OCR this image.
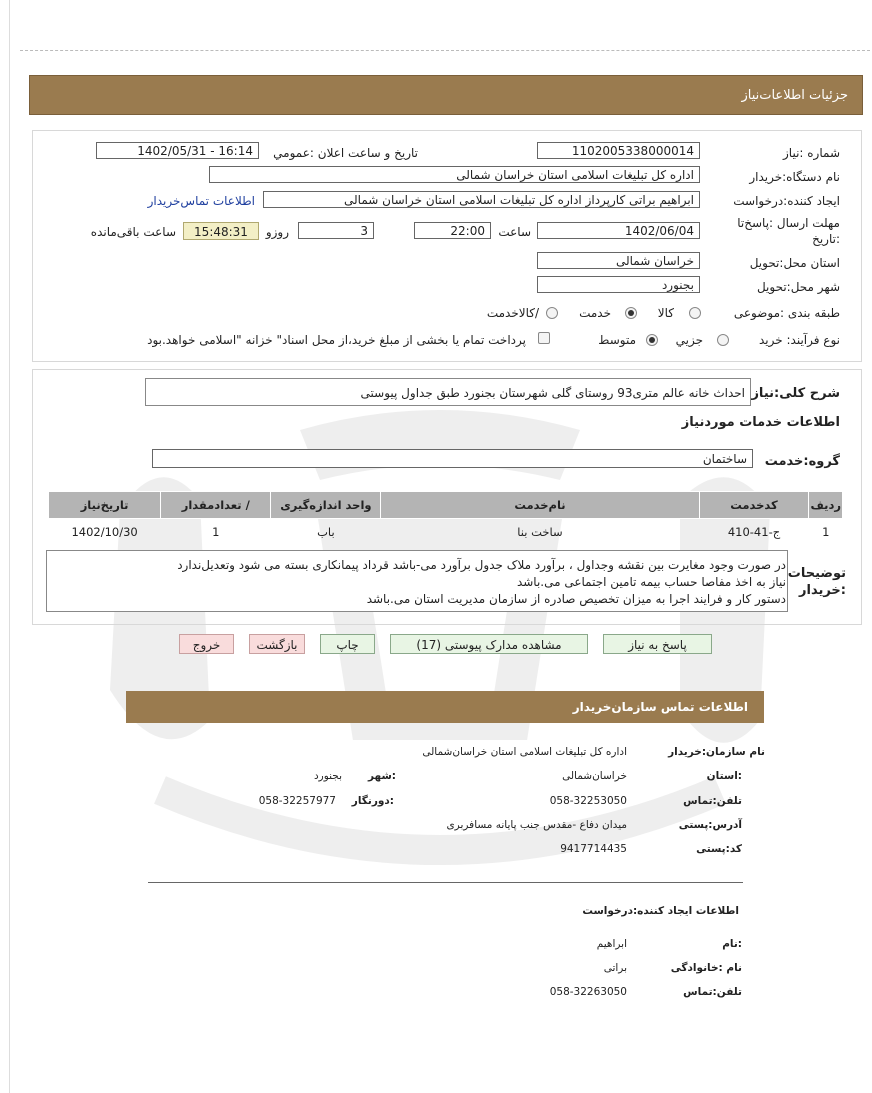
جزئیات اطلاعات‌نیاز
شماره :نیاز
1102005338000014
تاریخ و ساعت اعلان :عمومي
1402/05/31 - 16:14
نام دستگاه:خریدار
اداره کل تبلیغات اسلامی استان خراسان شمالی
ایجاد کننده:درخواست
ابراهیم براتی کارپرداز اداره کل تبلیغات اسلامی استان خراسان شمالی
اطلاعات تماس‌خریدار
مهلت ارسال :پاسخ‌تا
:تاریخ
1402/06/04
ساعت
22:00
3
روزو
15:48:31
ساعت باقی‌مانده
استان محل:تحویل
خراسان شمالی
شهر محل:تحویل
بجنورد
طبقه بندی :موضوعی
کالا
خدمت
/کالاخدمت
نوع فرآیند: خرید
جزیي
متوسط
پرداخت تمام یا بخشی از مبلغ خرید،از محل اسناد" خزانه "اسلامی خواهد.بود
شرح کلی:نیاز
احداث خانه عالم متری93 روستای گلی شهرستان بجنورد طبق جداول پیوستی
اطلاعات خدمات موردنیاز
گروه:خدمت
ساختمان
ردیف	کدخدمت	نام‌خدمت	واحد اندازه‌گیری	/ تعدادمقدار	تاریخ‌نیاز
1	ج-41-410	ساخت بنا	باب	1	1402/10/30
توضیحات
:خریدار
در صورت وجود مغایرت بین نقشه وجداول ، برآورد ملاک جدول برآورد می-باشد قرداد پیمانکاری بسته می شود وتعدیل‌ندارد
نیاز به اخذ مفاصا حساب بیمه تامین اجتماعی می.باشد
دستور کار و فرایند اجرا به میزان تخصیص صادره از سازمان مدیریت استان می.باشد
پاسخ به نیاز
مشاهده مدارک پیوستی (17)
چاپ
بازگشت
خروج
اطلاعات تماس سازمان‌خریدار
نام سازمان:خریدار
اداره کل تبلیغات اسلامی استان خراسان‌شمالی
:استان
خراسان‌شمالی
:شهر
بجنورد
تلفن:تماس
058-32253050
:دورنگار
058-32257977
آدرس:پستی
میدان دفاع -مقدس جنب پایانه مسافربری
کد:پستی
9417714435
اطلاعات ایجاد کننده:درخواست
:نام
ابراهیم
نام :خانوادگی
براتی
تلفن:تماس
058-32263050
